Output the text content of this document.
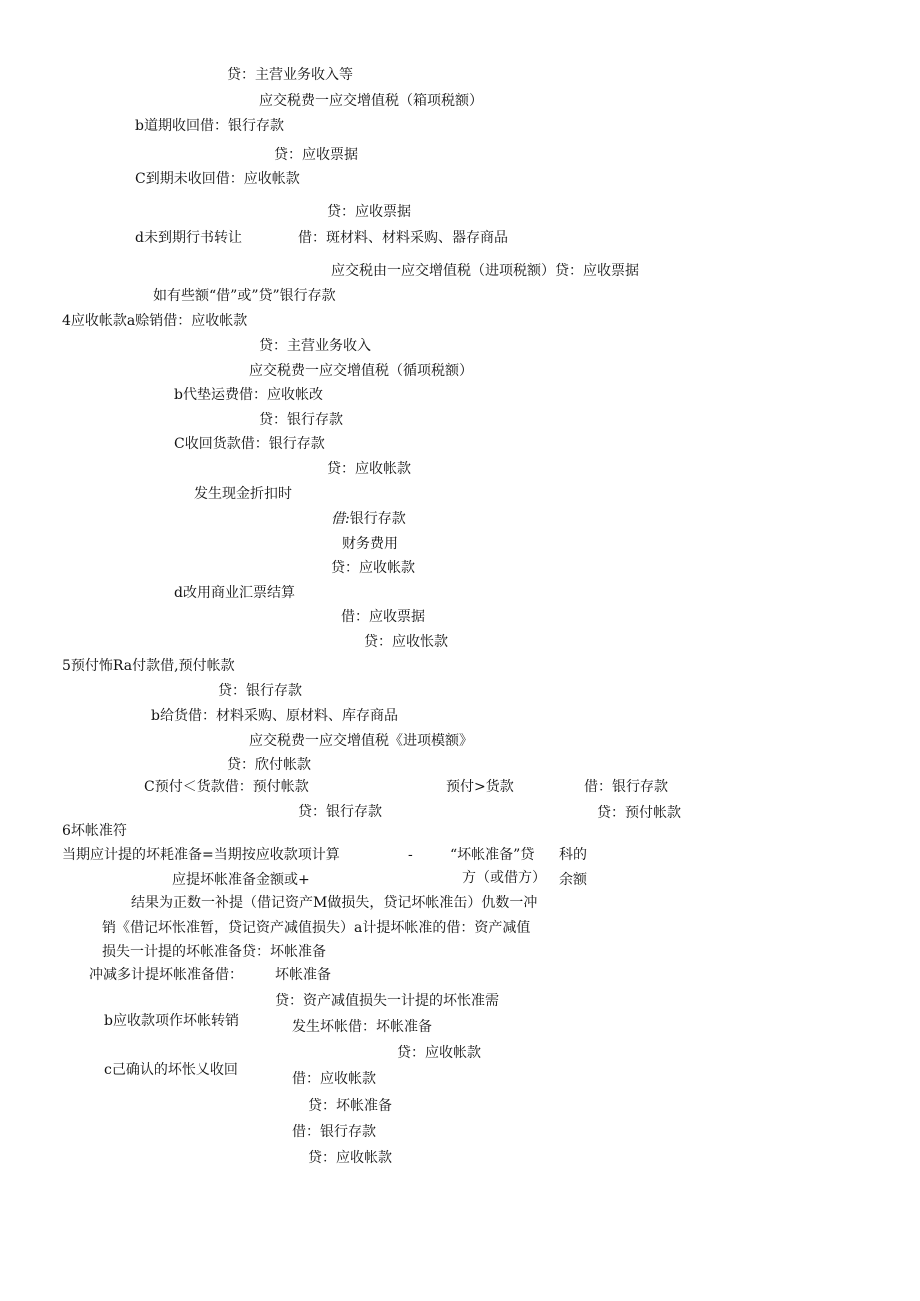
贷：主营业务收入等
应交税费一应交增值税（箱项税额）
b道期收回借：银行存款
贷：应收票据
C到期未收回借：应收帐款
贷：应收票据
d未到期行书转让	借：斑材料、材料采购、器存商品
应交税由一应交增值税（进项税额）贷：应收票据
如有些额“借”或”贷”银行存款
4应收帐款a赊销借：应收帐款
贷：主营业务收入
应交税费一应交增值税（循项税额）
b代垫运费借：应收帐改
贷：银行存款
C收回货款借：银行存款
贷：应收帐款
发生现金折扣时
借:银行存款
财务费用
贷：应收帐款
d改用商业汇票结算
借：应收票据
贷：应收怅款
5预付怖Ra付款借,预付帐款
贷：银行存款
b给货借：材料采购、原材料、库存商品
应交税费一应交增值税《进项模额》
贷：欣付帐款
C预付＜货款借：预付帐款	预付>货款	借：银行存款
贷：银行存款	贷：预付帐款
6坏帐准符
当期应计提的坏耗准备=当期按应收款项计算	-	“坏帐准备”贷 科的
应提坏帐准备金额或+	方（或借方） 余额
结果为正数一补提（借记资产M做损失，贷记坏帐准缶）仇数一冲
销《借记坏怅准暂，贷记资产减值损失）a计提坏帐准的借：资产减值
损失一计提的坏帐准备贷：坏帐准备
冲减多计提坏帐准备借： 坏帐准备
贷：资产减值损失一计提的坏怅准需
b应收款项作坏帐转销	发生坏帐借：坏帐准备
贷：应收帐款
c己确认的坏怅乂收回
借：应收帐款
贷：坏帐准备
借：银行存款
贷：应收帐款
